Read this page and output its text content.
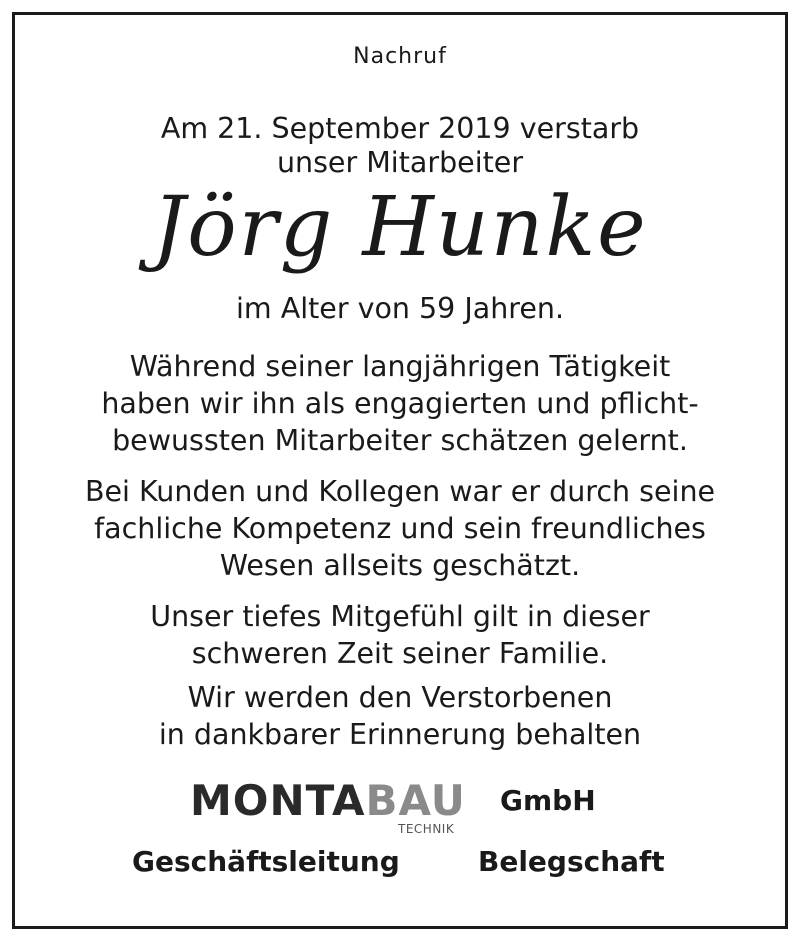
Nachruf
Am 21. September 2019 verstarb
unser Mitarbeiter
Jörg Hunke
im Alter von 59 Jahren.
Während seiner langjährigen Tätigkeit
haben wir ihn als engagierten und pflicht-
bewussten Mitarbeiter schätzen gelernt.
Bei Kunden und Kollegen war er durch seine
fachliche Kompetenz und sein freundliches
Wesen allseits geschätzt.
Unser tiefes Mitgefühl gilt in dieser
schweren Zeit seiner Familie.
Wir werden den Verstorbenen
in dankbarer Erinnerung behalten
MONTABAU
TECHNIK
GmbH
Geschäftsleitung	Belegschaft
